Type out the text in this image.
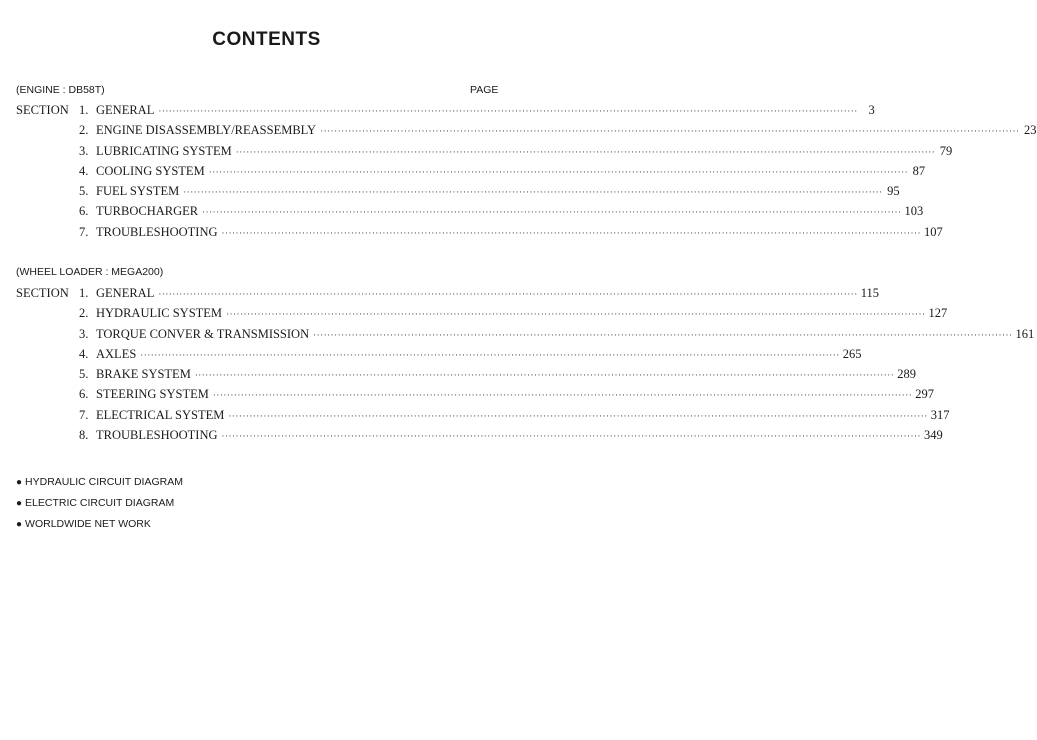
CONTENTS
PAGE
(ENGINE : DB58T)
SECTION 1. GENERAL ········································································································································································································ 3
2. ENGINE DISASSEMBLY/REASSEMBLY ········································································································································································································ 23
3. LUBRICATING SYSTEM ········································································································································································································ 79
4. COOLING SYSTEM ········································································································································································································ 87
5. FUEL SYSTEM ········································································································································································································ 95
6. TURBOCHARGER ········································································································································································································ 103
7. TROUBLESHOOTING ········································································································································································································ 107
(WHEEL LOADER : MEGA200)
SECTION 1. GENERAL ········································································································································································································ 115
2. HYDRAULIC SYSTEM ········································································································································································································ 127
3. TORQUE CONVER & TRANSMISSION ········································································································································································································ 161
4. AXLES ········································································································································································································ 265
5. BRAKE SYSTEM ········································································································································································································ 289
6. STEERING SYSTEM ········································································································································································································ 297
7. ELECTRICAL SYSTEM ········································································································································································································ 317
8. TROUBLESHOOTING ········································································································································································································ 349
● HYDRAULIC CIRCUIT DIAGRAM
● ELECTRIC CIRCUIT DIAGRAM
● WORLDWIDE NET WORK
